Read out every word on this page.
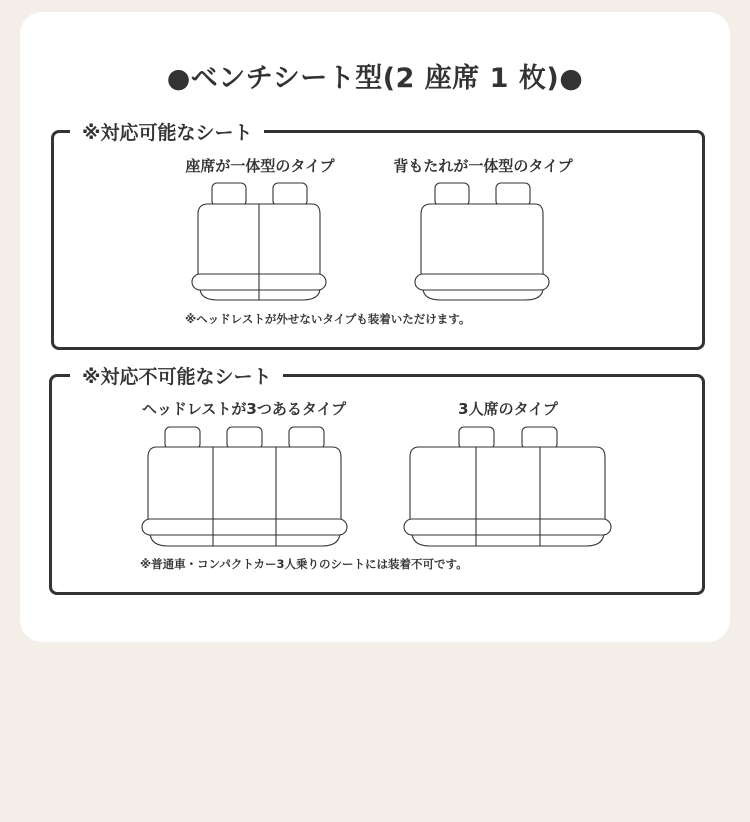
●ベンチシート型(2 座席 1 枚)●
※対応可能なシート
座席が一体型のタイプ	背もたれが一体型のタイプ
※ヘッドレストが外せないタイプも装着いただけます。
※対応不可能なシート
ヘッドレストが3つあるタイプ	3人席のタイプ
※普通車・コンパクトカー3人乗りのシートには装着不可です。
